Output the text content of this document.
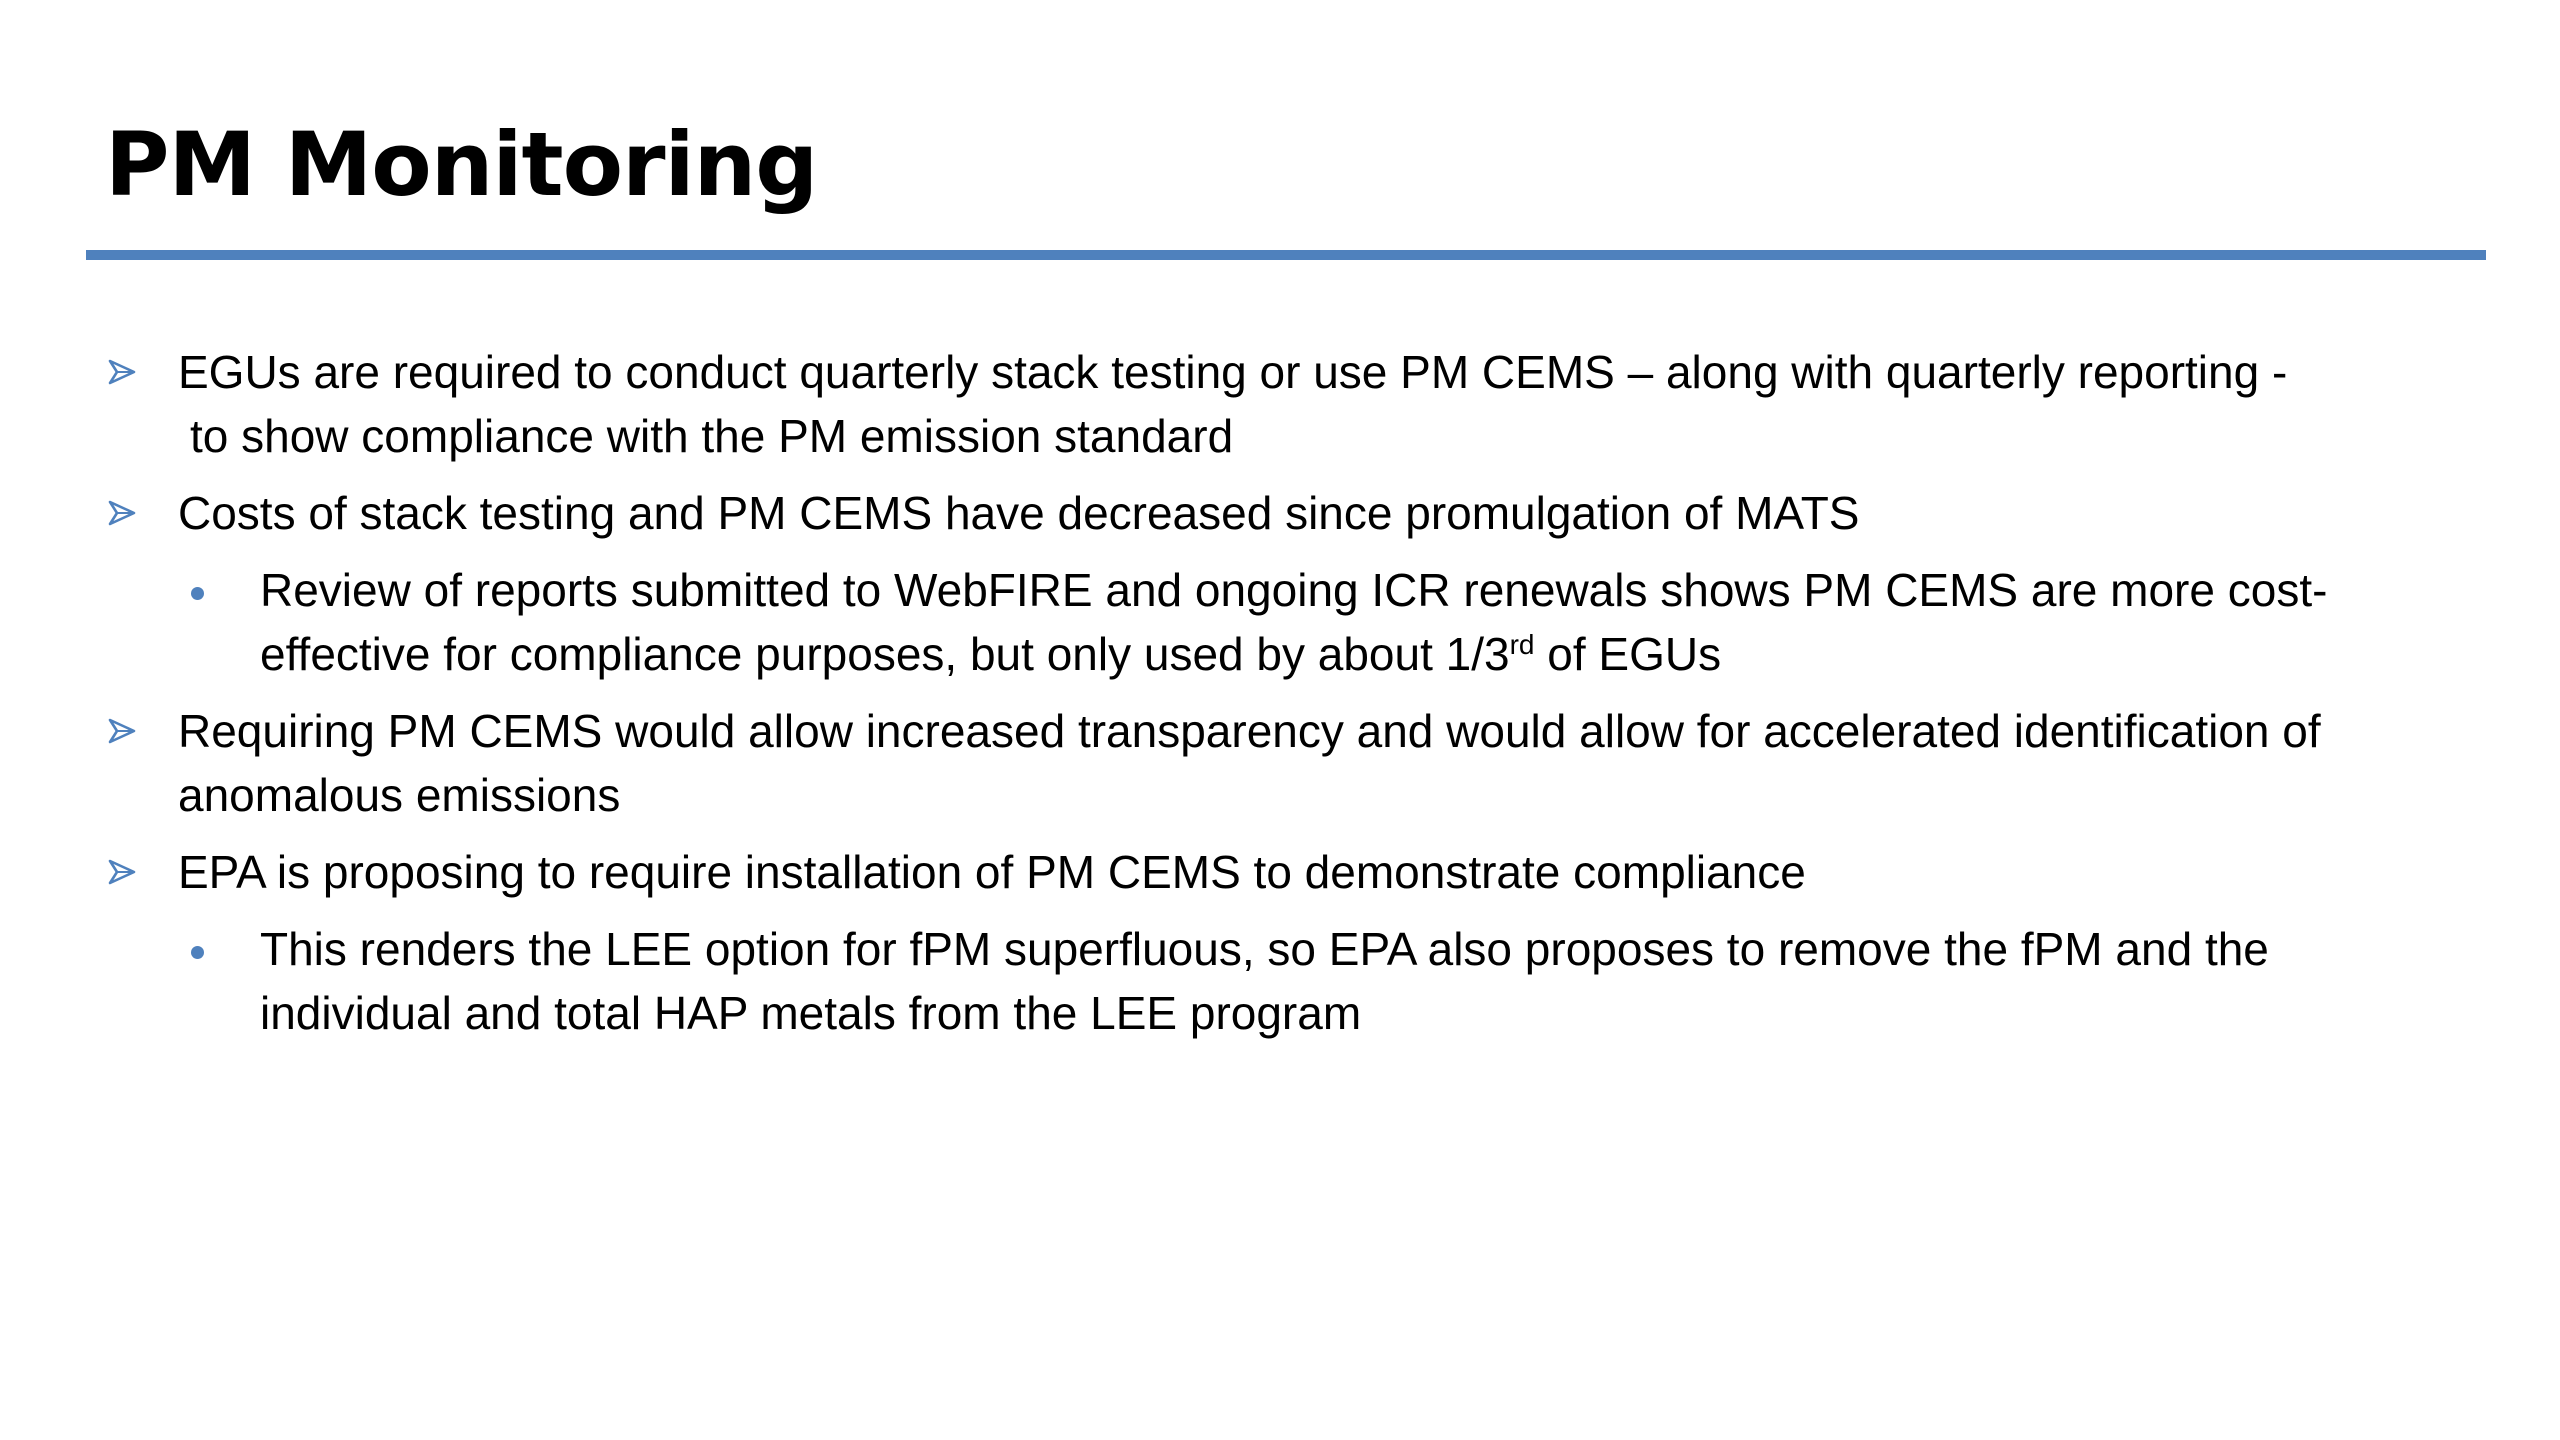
PM Monitoring
EGUs are required to conduct quarterly stack testing or use PM CEMS – along with quarterly reporting -
to show compliance with the PM emission standard
Costs of stack testing and PM CEMS have decreased since promulgation of MATS
Review of reports submitted to WebFIRE and ongoing ICR renewals shows PM CEMS are more cost-effective for compliance purposes, but only used by about 1/3rd of EGUs
Requiring PM CEMS would allow increased transparency and would allow for accelerated identification of anomalous emissions
EPA is proposing to require installation of PM CEMS to demonstrate compliance
This renders the LEE option for fPM superfluous, so EPA also proposes to remove the fPM and the individual and total HAP metals from the LEE program
